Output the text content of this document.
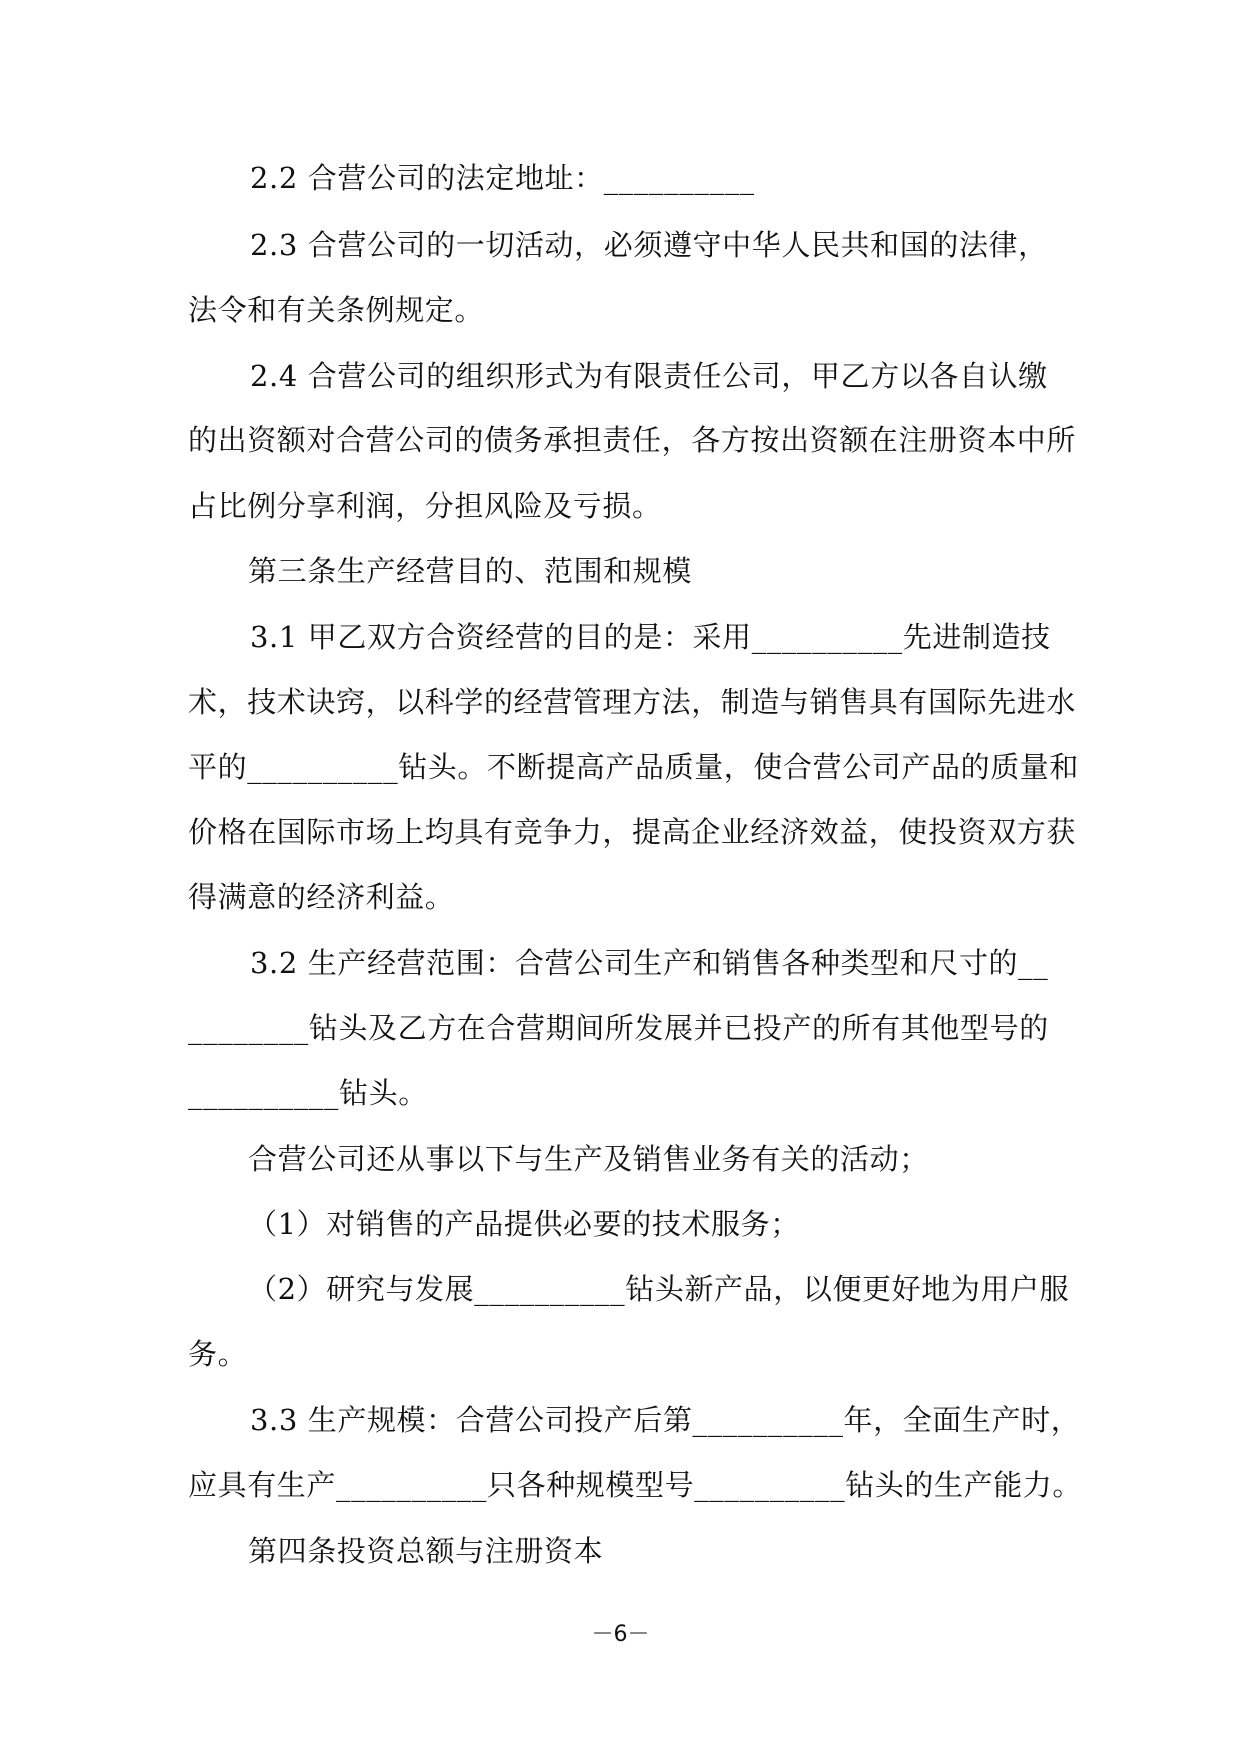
2.2 合营公司的法定地址：__________
2.3 合营公司的一切活动，必须遵守中华人民共和国的法律，
法令和有关条例规定。
2.4 合营公司的组织形式为有限责任公司，甲乙方以各自认缴
的出资额对合营公司的债务承担责任，各方按出资额在注册资本中所
占比例分享利润，分担风险及亏损。
第三条生产经营目的、范围和规模
3.1 甲乙双方合资经营的目的是：采用__________先进制造技
术，技术诀窍，以科学的经营管理方法，制造与销售具有国际先进水
平的__________钻头。不断提高产品质量，使合营公司产品的质量和
价格在国际市场上均具有竞争力，提高企业经济效益，使投资双方获
得满意的经济利益。
3.2 生产经营范围：合营公司生产和销售各种类型和尺寸的__
________钻头及乙方在合营期间所发展并已投产的所有其他型号的
__________钻头。
合营公司还从事以下与生产及销售业务有关的活动；
（1）对销售的产品提供必要的技术服务；
（2）研究与发展__________钻头新产品，以便更好地为用户服
务。
3.3 生产规模：合营公司投产后第__________年，全面生产时，
应具有生产__________只各种规模型号__________钻头的生产能力。
第四条投资总额与注册资本
－6－
